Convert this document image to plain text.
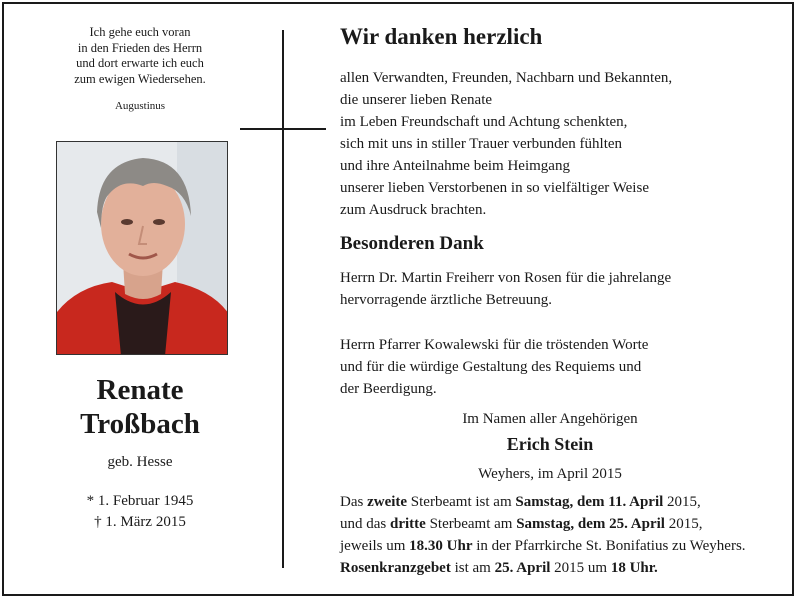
Ich gehe euch voran
in den Frieden des Herrn
und dort erwarte ich euch
zum ewigen Wiedersehen.
Augustinus
Renate
Troßbach
geb. Hesse
* 1. Februar 1945
† 1. März 2015
Wir danken herzlich
allen Verwandten, Freunden, Nachbarn und Bekannten,
die unserer lieben Renate
im Leben Freundschaft und Achtung schenkten,
sich mit uns in stiller Trauer verbunden fühlten
und ihre Anteilnahme beim Heimgang
unserer lieben Verstorbenen in so vielfältiger Weise
zum Ausdruck brachten.
Besonderen Dank
Herrn Dr. Martin Freiherr von Rosen für die jahrelange
hervorragende ärztliche Betreuung.
Herrn Pfarrer Kowalewski für die tröstenden Worte
und für die würdige Gestaltung des Requiems und
der Beerdigung.
Im Namen aller Angehörigen
Erich Stein
Weyhers, im April 2015
Das zweite Sterbeamt ist am Samstag, dem 11. April 2015,
und das dritte Sterbeamt am Samstag, dem 25. April 2015,
jeweils um 18.30 Uhr in der Pfarrkirche St. Bonifatius zu Weyhers.
Rosenkranzgebet ist am 25. April 2015 um 18 Uhr.
